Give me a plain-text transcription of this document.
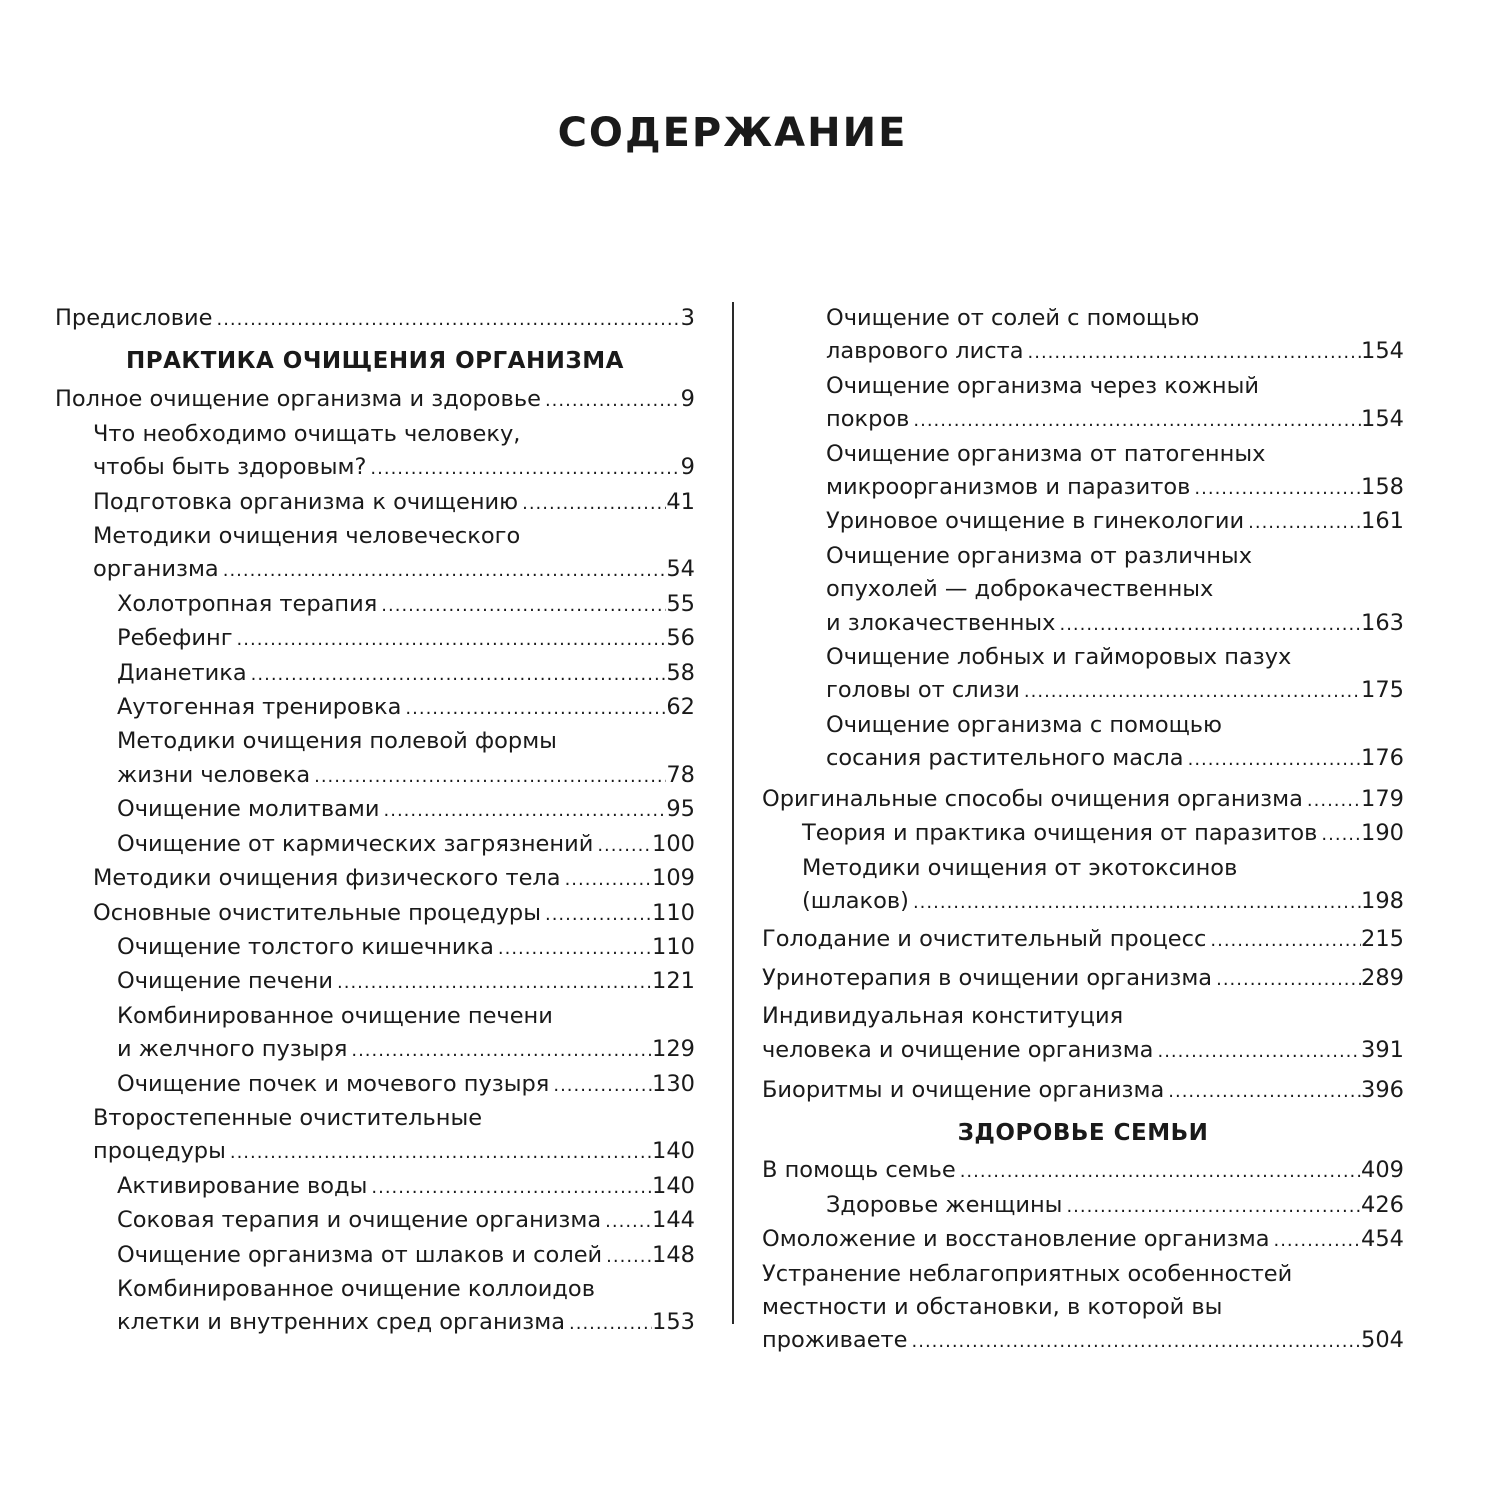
СОДЕРЖАНИЕ
Предисловие .....	3
ПРАКТИКА ОЧИЩЕНИЯ ОРГАНИЗМА
Полное очищение организма и здоровье .....	9
Что необходимо очищать человеку,
чтобы быть здоровым? .....	9
Подготовка организма к очищению .....	41
Методики очищения человеческого
организма .....	54
Холотропная терапия .....	55
Ребефинг .....	56
Дианетика .....	58
Аутогенная тренировка .....	62
Методики очищения полевой формы
жизни человека .....	78
Очищение молитвами .....	95
Очищение от кармических загрязнений .....	100
Методики очищения физического тела .....	109
Основные очистительные процедуры .....	110
Очищение толстого кишечника .....	110
Очищение печени .....	121
Комбинированное очищение печени
и желчного пузыря .....	129
Очищение почек и мочевого пузыря .....	130
Второстепенные очистительные
процедуры .....	140
Активирование воды .....	140
Соковая терапия и очищение организма ..... 144
Очищение организма от шлаков и солей ..... 148
Комбинированное очищение коллоидов
клетки и внутренних сред организма .....	153
Очищение от солей с помощью
лаврового листа .....	154
Очищение организма через кожный
покров .....	154
Очищение организма от патогенных
микроорганизмов и паразитов .....	158
Уриновое очищение в гинекологии .....	161
Очищение организма от различных
опухолей — доброкачественных
и злокачественных .....	163
Очищение лобных и гайморовых пазух
головы от слизи .....	175
Очищение организма с помощью
сосания растительного масла .....	176
Оригинальные способы очищения организма .....	179
Теория и практика очищения от паразитов ..... 190
Методики очищения от экотоксинов
(шлаков) .....	198
Голодание и очистительный процесс .....	215
Уринотерапия в очищении организма .....	289
Индивидуальная конституция
человека и очищение организма .....	391
Биоритмы и очищение организма .....	396
ЗДОРОВЬЕ СЕМЬИ
В помощь семье .....	409
Здоровье женщины .....	426
Омоложение и восстановление организма .....	454
Устранение неблагоприятных особенностей
местности и обстановки, в которой вы
проживаете .....	504
